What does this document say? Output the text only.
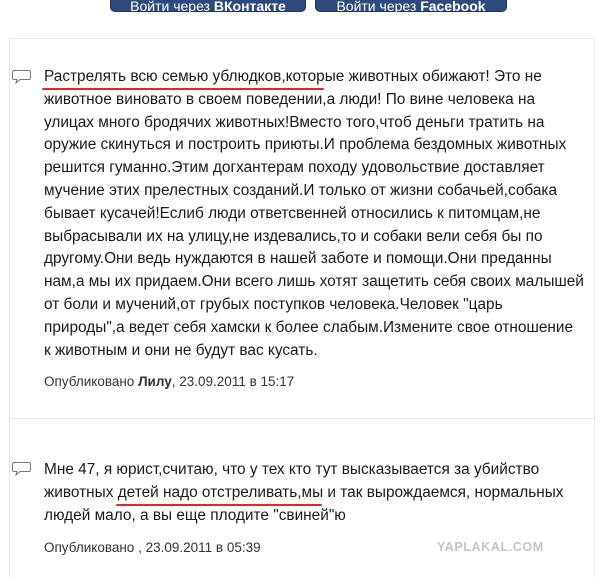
Войти через ВКонтакте	Войти через Facebook

Растрелять всю семью ублюдков,которые животных обижают! Это не животное виновато в своем поведении,а люди! По вине человека на улицах много бродячих животных!Вместо того,чтоб деньги тратить на оружие скинуться и построить приюты.И проблема бездомных животных решится гуманно.Этим догхантерам походу удовольствие доставляет мучение этих прелестных созданий.И только от жизни собачьей,собака бывает кусачей!Еслиб люди ответсвенней относились к питомцам,не выбрасывали их на улицу,не издевались,то и собаки вели себя бы по другому.Они ведь нуждаются в нашей заботе и помощи.Они преданны нам,а мы их придаем.Они всего лишь хотят защетить себя своих малышей от боли и мучений,от грубых поступков человека.Человек "царь природы",а ведет себя хамски к более слабым.Измените свое отношение к животным и они не будут вас кусать.

Опубликовано Лилу, 23.09.2011 в 15:17

Мне 47, я юрист,считаю, что у тех кто тут высказывается за убийство животных детей надо отстреливать,мы и так вырождаемся, нормальных людей мало, а вы еще плодите "свиней"ю

Опубликовано , 23.09.2011 в 05:39	YAPLAKAL.COM
